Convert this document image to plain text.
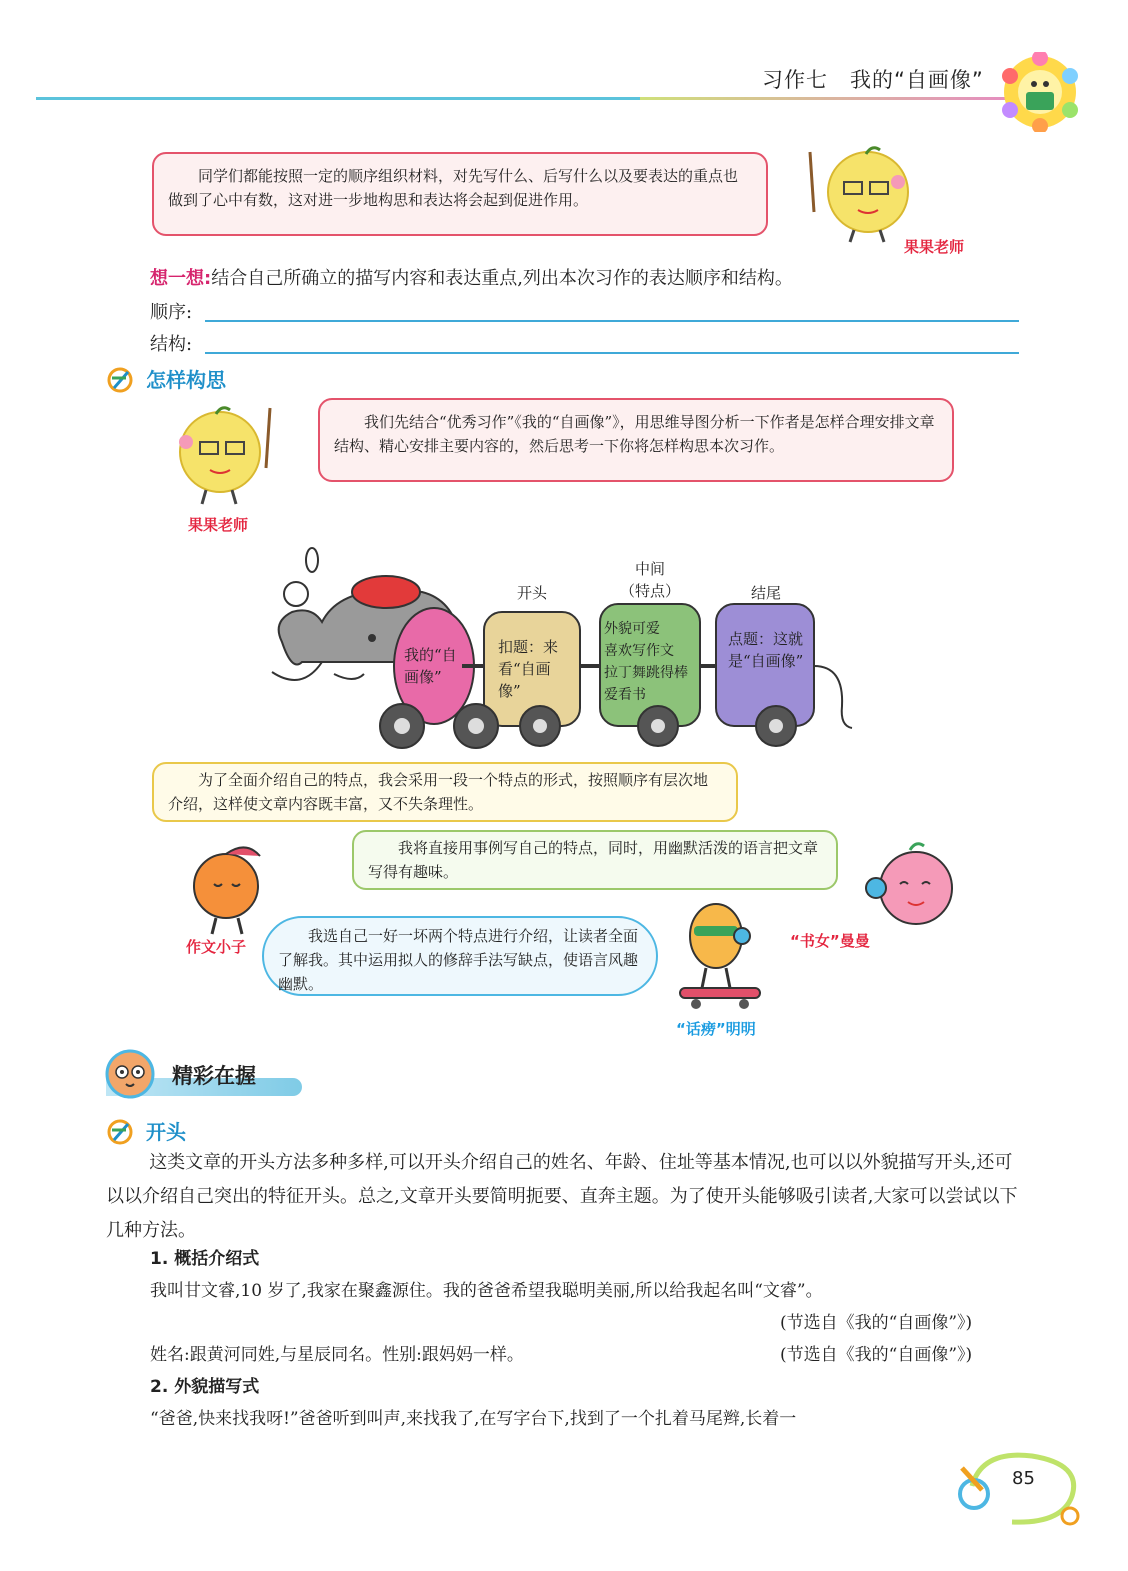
习作七　我的“自画像”
同学们都能按照一定的顺序组织材料，对先写什么、后写什么以及要表达的重点也做到了心中有数，这对进一步地构思和表达将会起到促进作用。
果果老师
想一想:结合自己所确立的描写内容和表达重点,列出本次习作的表达顺序和结构。
顺序:
结构:
怎样构思
果果老师
我们先结合“优秀习作”《我的“自画像”》，用思维导图分析一下作者是怎样合理安排文章结构、精心安排主要内容的，然后思考一下你将怎样构思本次习作。
我的“自画像”
开头
中间
（特点）	结尾
扣题：来看“自画像”
外貌可爱
喜欢写作文
拉丁舞跳得棒
爱看书
点题：这就是“自画像”
为了全面介绍自己的特点，我会采用一段一个特点的形式，按照顺序有层次地介绍，这样使文章内容既丰富，又不失条理性。
作文小子
我将直接用事例写自己的特点，同时，用幽默活泼的语言把文章写得有趣味。
“书女”曼曼
我选自己一好一坏两个特点进行介绍，让读者全面了解我。其中运用拟人的修辞手法写缺点，使语言风趣幽默。
“话痨”明明
精彩在握
开头
这类文章的开头方法多种多样,可以开头介绍自己的姓名、年龄、住址等基本情况,也可以以外貌描写开头,还可以以介绍自己突出的特征开头。总之,文章开头要简明扼要、直奔主题。为了使开头能够吸引读者,大家可以尝试以下几种方法。
1. 概括介绍式
我叫甘文睿,10 岁了,我家在聚鑫源住。我的爸爸希望我聪明美丽,所以给我起名叫“文睿”。
(节选自《我的“自画像”》)
姓名:跟黄河同姓,与星辰同名。性别:跟妈妈一样。	(节选自《我的“自画像”》)
2. 外貌描写式
“爸爸,快来找我呀!”爸爸听到叫声,来找我了,在写字台下,找到了一个扎着马尾辫,长着一
85
